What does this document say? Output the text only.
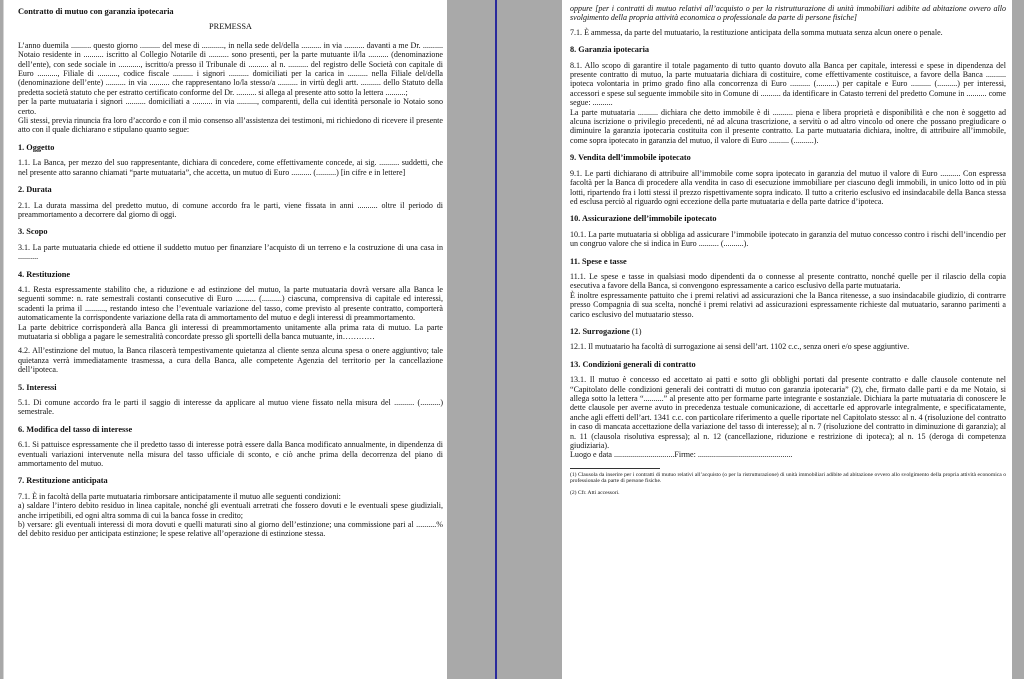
Contratto di mutuo con garanzia ipotecaria
PREMESSA

L’anno duemila .......... questo giorno .......... del mese di ..........., in nella sede del/della .......... in via .......... davanti a me Dr. .......... Notaio residente in .......... iscritto al Collegio Notarile di .......... sono presenti, per la parte mutuante il/la .......... (denominazione dell’ente), con sede sociale in ..........., iscritto/a presso il Tribunale di .......... al n. .......... del registro delle Società con capitale di Euro .........., Filiale di .........., codice fiscale .......... i signori .......... domiciliati per la carica in .......... nella Filiale del/della (denominazione dell’ente) .......... in via .......... che rappresentano lo/la stesso/a .......... in virtù degli artt. .......... dello Statuto della predetta società statuto che per estratto certificato conforme del Dr. .......... si allega al presente atto sotto la lettera ..........;

per la parte mutuataria i signori .......... domiciliati a .......... in via .........., comparenti, della cui identità personale io Notaio sono certo.

Gli stessi, previa rinuncia fra loro d’accordo e con il mio consenso all’assistenza dei testimoni, mi richiedono di ricevere il presente atto con il quale dichiarano e stipulano quanto segue:

1. Oggetto

1.1. La Banca, per mezzo del suo rappresentante, dichiara di concedere, come effettivamente concede, ai sig. .......... suddetti, che nel presente atto saranno chiamati “parte mutuataria”, che accetta, un mutuo di Euro .......... (..........) [in cifre e in lettere]

2. Durata

2.1. La durata massima del predetto mutuo, di comune accordo fra le parti, viene fissata in anni .......... oltre il periodo di preammortamento a decorrere dal giorno di oggi.

3. Scopo

3.1. La parte mutuataria chiede ed ottiene il suddetto mutuo per finanziare l’acquisto di un terreno e la costruzione di una casa in ..........

4. Restituzione

4.1. Resta espressamente stabilito che, a riduzione e ad estinzione del mutuo, la parte mutuataria dovrà versare alla Banca le seguenti somme: n. rate semestrali costanti consecutive di Euro .......... (..........) ciascuna, comprensiva di capitale ed interessi, scadenti la prima il .........., restando inteso che l’eventuale variazione del tasso, come previsto al presente contratto, comporterà automaticamente la corrispondente variazione della rata di ammortamento del mutuo e degli interessi di preammortamento.

La parte debitrice corrisponderà alla Banca gli interessi di preammortamento unitamente alla prima rata di mutuo. La parte mutuataria si obbliga a pagare le semestralità concordate presso gli sportelli della banca mutuante, in…………

4.2. All’estinzione del mutuo, la Banca rilascerà tempestivamente quietanza al cliente senza alcuna spesa o onere aggiuntivo; tale quietanza verrà immediatamente trasmessa, a cura della Banca, alle competente Agenzia del territorio per la cancellazione dell’ipoteca.

5. Interessi

5.1. Di comune accordo fra le parti il saggio di interesse da applicare al mutuo viene fissato nella misura del .......... (..........) semestrale.

6. Modifica del tasso di interesse

6.1. Si pattuisce espressamente che il predetto tasso di interesse potrà essere dalla Banca modificato annualmente, in dipendenza di eventuali variazioni intervenute nella misura del tasso ufficiale di sconto, e ciò anche prima della decorrenza del piano di ammortamento del mutuo.

7. Restituzione anticipata

7.1. È in facoltà della parte mutuataria rimborsare anticipatamente il mutuo alle seguenti condizioni:

a) saldare l’intero debito residuo in linea capitale, nonché gli eventuali arretrati che fossero dovuti e le eventuali spese giudiziali, anche irripetibili, ed ogni altra somma di cui la banca fosse in credito;

b) versare: gli eventuali interessi di mora dovuti e quelli maturati sino al giorno dell’estinzione; una commissione pari al ..........% del debito residuo per anticipata estinzione; le spese relative all’operazione di estinzione stessa.

oppure [per i contratti di mutuo relativi all’acquisto o per la ristrutturazione di unità immobiliari adibite ad abitazione ovvero allo svolgimento della propria attività economica o professionale da parte di persone fisiche]

7.1. È ammessa, da parte del mutuatario, la restituzione anticipata della somma mutuata senza alcun onere o penale.

8. Garanzia ipotecaria

8.1. Allo scopo di garantire il totale pagamento di tutto quanto dovuto alla Banca per capitale, interessi e spese in dipendenza del presente contratto di mutuo, la parte mutuataria dichiara di costituire, come effettivamente costituisce, a favore della Banca .......... ipoteca volontaria in primo grado fino alla concorrenza di Euro .......... (..........) per capitale e Euro .......... (..........) per interessi, accessori e spese sul seguente immobile sito in Comune di .......... da identificare in Catasto terreni del predetto Comune in .......... come segue: ..........

La parte mutuataria .......... dichiara che detto immobile è di .......... piena e libera proprietà e disponibilità e che non è soggetto ad alcuna iscrizione o privilegio precedenti, né ad alcuna trascrizione, a servitù o ad altro vincolo od onere che possano pregiudicare o diminuire la garanzia ipotecaria costituita con il presente contratto. La parte mutuataria dichiara, inoltre, di attribuire all’immobile, come sopra ipotecato in garanzia del mutuo, il valore di Euro .......... (..........).

9. Vendita dell’immobile ipotecato

9.1. Le parti dichiarano di attribuire all’immobile come sopra ipotecato in garanzia del mutuo il valore di Euro .......... Con espressa facoltà per la Banca di procedere alla vendita in caso di esecuzione immobiliare per ciascuno degli immobili, in unico lotto od in più lotti, ripartendo fra i lotti stessi il prezzo rispettivamente sopra indicato. Il tutto a criterio esclusivo ed insindacabile della Banca stessa ed esclusa perciò al riguardo ogni eccezione della parte mutuataria e della parte datrice d’ipoteca.

10. Assicurazione dell’immobile ipotecato

10.1. La parte mutuataria si obbliga ad assicurare l’immobile ipotecato in garanzia del mutuo concesso contro i rischi dell’incendio per un congruo valore che si indica in Euro .......... (..........).

11. Spese e tasse

11.1. Le spese e tasse in qualsiasi modo dipendenti da o connesse al presente contratto, nonché quelle per il rilascio della copia esecutiva a favore della Banca, si convengono espressamente a carico esclusivo della parte mutuataria.

È inoltre espressamente pattuito che i premi relativi ad assicurazioni che la Banca ritenesse, a suo insindacabile giudizio, di contrarre presso Compagnia di sua scelta, nonché i premi relativi ad assicurazioni espressamente richieste dal mutuatario, saranno parimenti a carico esclusivo del mutuatario stesso.

12. Surrogazione (1)

12.1. Il mutuatario ha facoltà di surrogazione ai sensi dell’art. 1102 c.c., senza oneri e/o spese aggiuntive.

13. Condizioni generali di contratto

13.1. Il mutuo è concesso ed accettato ai patti e sotto gli obblighi portati dal presente contratto e dalle clausole contenute nel “Capitolato delle condizioni generali dei contratti di mutuo con garanzia ipotecaria” (2), che, firmato dalle parti e da me Notaio, si allega sotto la lettera “..........” al presente atto per formarne parte integrante e sostanziale. Dichiara la parte mutuataria di conoscere le dette clausole per averne avuto in precedenza testuale comunicazione, di accettarle ed approvarle integralmente, e specificatamente, anche agli effetti dell’art. 1341 c.c. con particolare riferimento a quelle riportate nel Capitolato stesso: al n. 4 (risoluzione del contratto in caso di mancata accettazione della variazione del tasso di interesse); al n. 7 (risoluzione del contratto in diminuzione di garanzia); al n. 11 (clausola risolutiva espressa); al n. 12 (cancellazione, riduzione e restrizione di ipoteca); al n. 15 (deroga di competenza giudiziaria).

Luogo e data ..............................Firme: ...............................................

(1) Clausola da inserire per i contratti di mutuo relativi all’acquisto (o per la ristrutturazione) di unità immobiliari adibite ad abitazione ovvero allo svolgimento della propria attività economica o professionale da parte di persone fisiche.

(2) Cfr. Atti accessori.
